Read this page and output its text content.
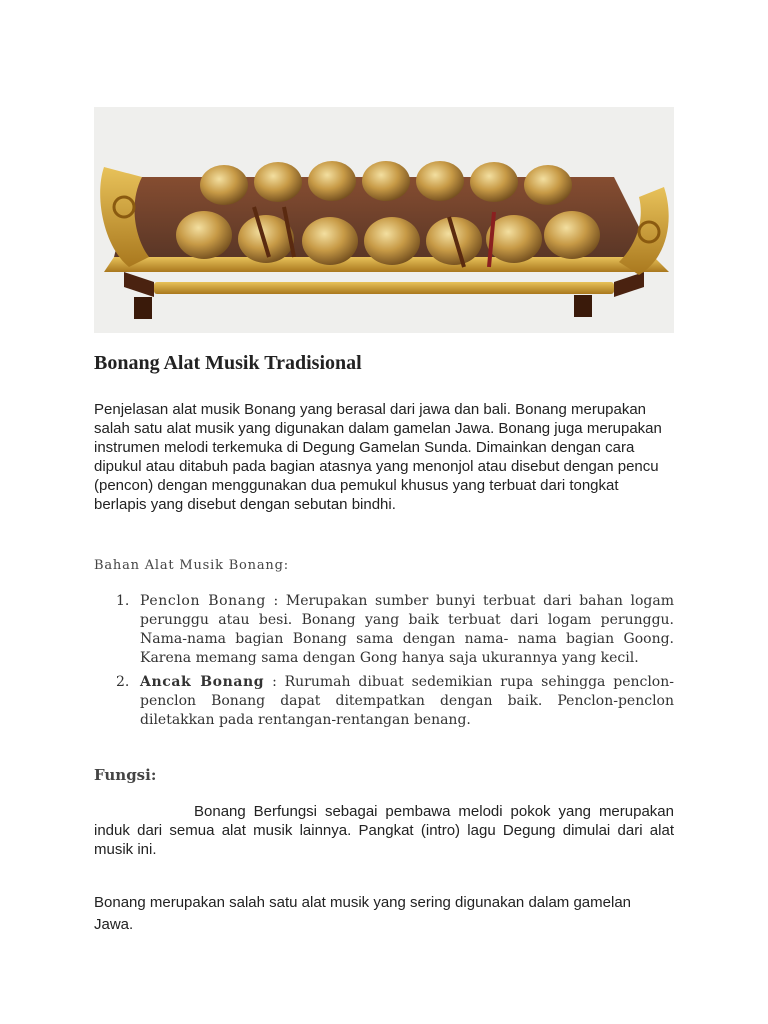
Bonang Alat Musik Tradisional

Penjelasan alat musik Bonang yang berasal dari jawa dan bali. Bonang merupakan salah satu alat musik yang digunakan dalam gamelan Jawa. Bonang juga merupakan instrumen melodi terkemuka di Degung Gamelan Sunda. Dimainkan dengan cara dipukul atau ditabuh pada bagian atasnya yang menonjol atau disebut dengan pencu (pencon) dengan menggunakan dua pemukul khusus yang terbuat dari tongkat berlapis yang disebut dengan sebutan bindhi.

Bahan Alat Musik Bonang:

1. Penclon Bonang : Merupakan sumber bunyi terbuat dari bahan logam perunggu atau besi. Bonang yang baik terbuat dari logam perunggu. Nama-nama bagian Bonang sama dengan nama- nama bagian Goong. Karena memang sama dengan Gong hanya saja ukurannya yang kecil.
2. Ancak Bonang : Rurumah dibuat sedemikian rupa sehingga penclon-penclon Bonang dapat ditempatkan dengan baik. Penclon-penclon diletakkan pada rentangan-rentangan benang.

Fungsi:

Bonang Berfungsi sebagai pembawa melodi pokok yang merupakan induk dari semua alat musik lainnya. Pangkat (intro) lagu Degung dimulai dari alat musik ini.

Bonang merupakan salah satu alat musik yang sering digunakan dalam gamelan Jawa.
